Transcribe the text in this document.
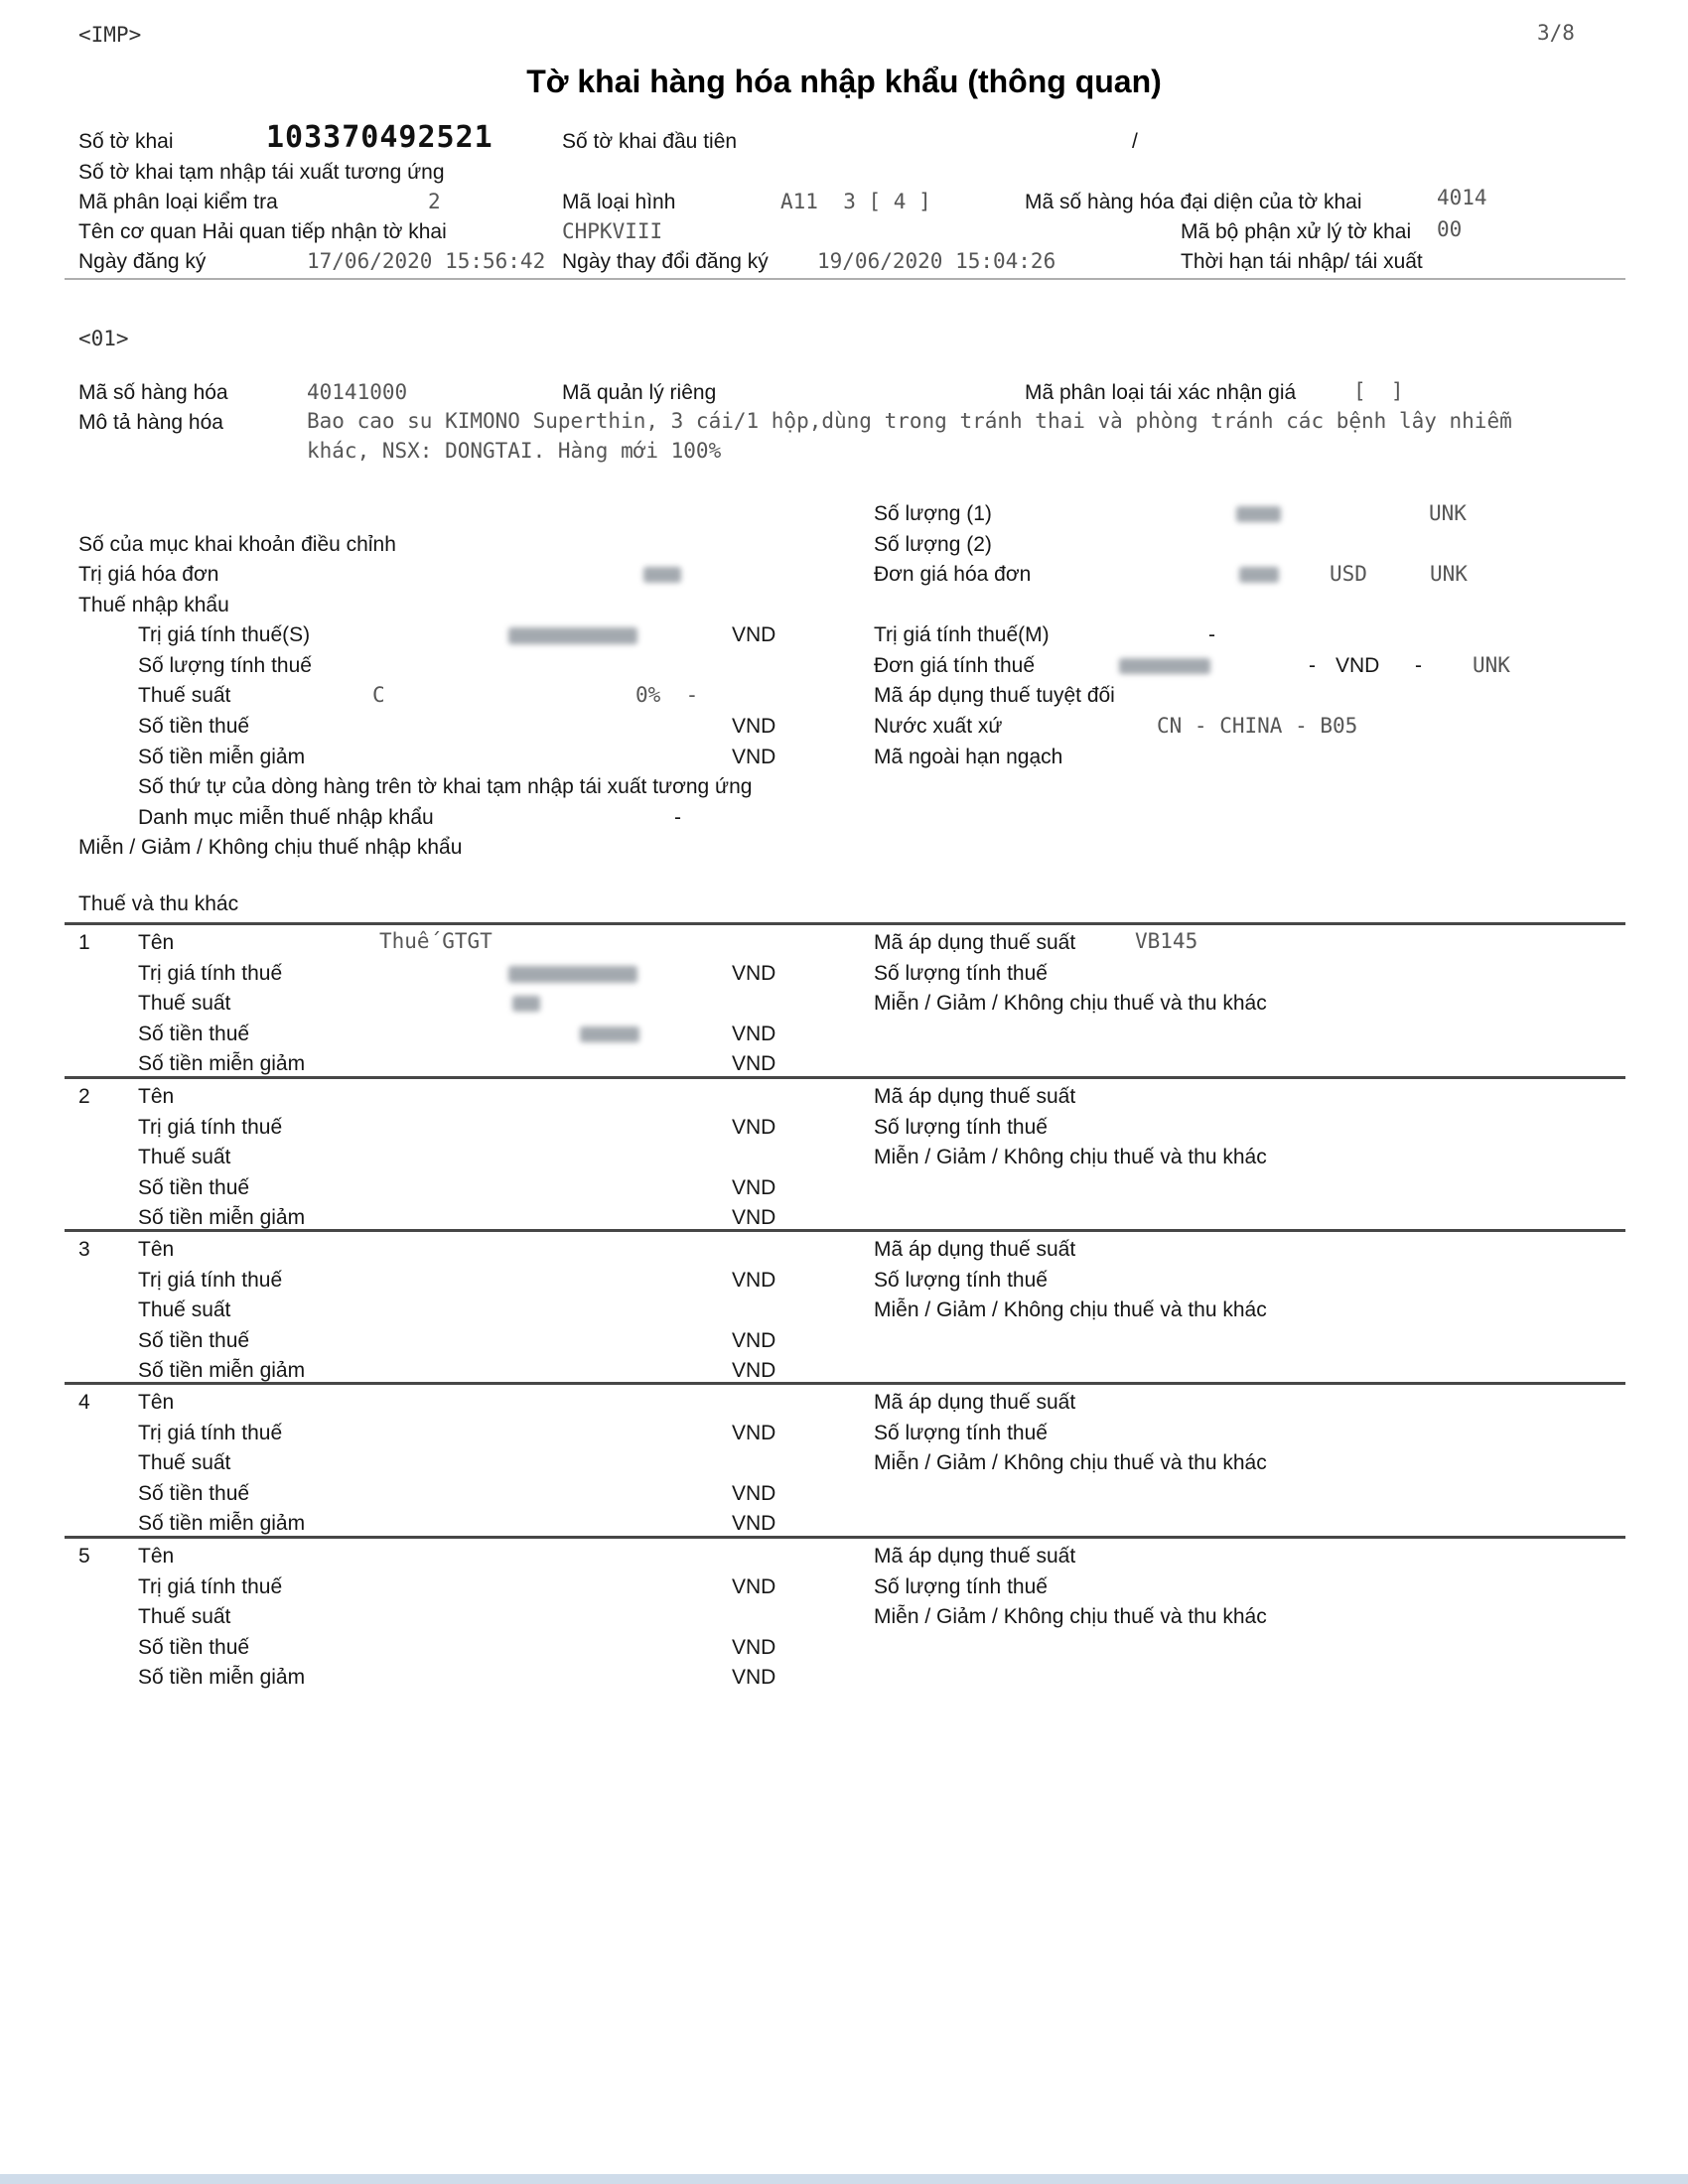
<IMP>	3/8
Tờ khai hàng hóa nhập khẩu (thông quan)
Số tờ khai	103370492521	Số tờ khai đầu tiên	/
Số tờ khai tạm nhập tái xuất tương ứng
Mã phân loại kiểm tra	2	Mã loại hình	A11  3 [ 4 ]	Mã số hàng hóa đại diện của tờ khai	4014
Tên cơ quan Hải quan tiếp nhận tờ khai	CHPKVIII	Mã bộ phận xử lý tờ khai 00
Ngày đăng ký	17/06/2020 15:56:42 Ngày thay đổi đăng ký 19/06/2020 15:04:26	Thời hạn tái nhập/ tái xuất
<01>
Mã số hàng hóa	40141000	Mã quản lý riêng	Mã phân loại tái xác nhận giá	[  ]
Mô tả hàng hóa	Bao cao su KIMONO Superthin, 3 cái/1 hộp,dùng trong tránh thai và phòng tránh các bệnh lây nhiễm
khác, NSX: DONGTAI. Hàng mới 100%
Số lượng (1)	UNK
Số của mục khai khoản điều chỉnh	Số lượng (2)
Trị giá hóa đơn	Đơn giá hóa đơn	USD	UNK
Thuế nhập khẩu
Trị giá tính thuế(S)	VND	Trị giá tính thuế(M)	-
Số lượng tính thuế	Đơn giá tính thuế	- VND - UNK
Thuế suất	C	0%  -	Mã áp dụng thuế tuyệt đối
Số tiền thuế	VND	Nước xuất xứ	CN - CHINA - B05
Số tiền miễn giảm	VND	Mã ngoài hạn ngạch
Số thứ tự của dòng hàng trên tờ khai tạm nhập tái xuất tương ứng
Danh mục miễn thuế nhập khẩu	-
Miễn / Giảm / Không chịu thuế nhập khẩu
Thuế và thu khác
1 Tên	Thuế GTGT	Mã áp dụng thuế suất	VB145
Trị giá tính thuế	VND	Số lượng tính thuế
Thuế suất	Miễn / Giảm / Không chịu thuế và thu khác
Số tiền thuế	VND
Số tiền miễn giảm	VND
2 Tên	Mã áp dụng thuế suất
Trị giá tính thuế	VND	Số lượng tính thuế
Thuế suất	Miễn / Giảm / Không chịu thuế và thu khác
Số tiền thuế	VND
Số tiền miễn giảm	VND
3 Tên	Mã áp dụng thuế suất
Trị giá tính thuế	VND	Số lượng tính thuế
Thuế suất	Miễn / Giảm / Không chịu thuế và thu khác
Số tiền thuế	VND
Số tiền miễn giảm	VND
4 Tên	Mã áp dụng thuế suất
Trị giá tính thuế	VND	Số lượng tính thuế
Thuế suất	Miễn / Giảm / Không chịu thuế và thu khác
Số tiền thuế	VND
Số tiền miễn giảm	VND
5 Tên	Mã áp dụng thuế suất
Trị giá tính thuế	VND	Số lượng tính thuế
Thuế suất	Miễn / Giảm / Không chịu thuế và thu khác
Số tiền thuế	VND
Số tiền miễn giảm	VND
